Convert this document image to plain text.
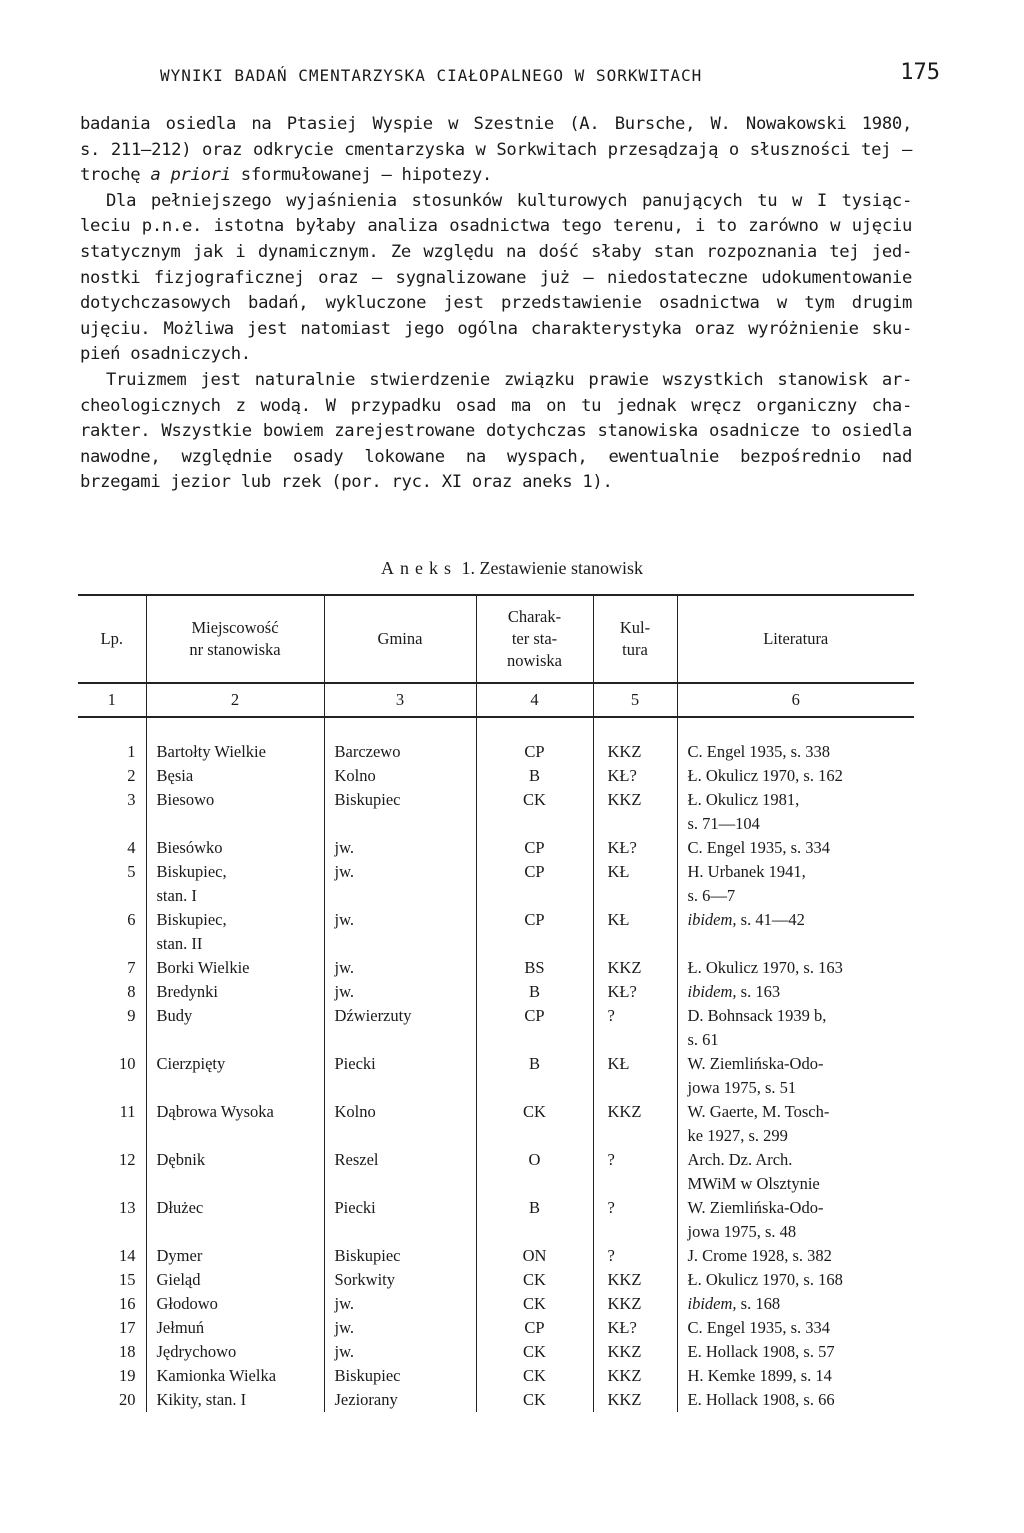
WYNIKI BADAŃ CMENTARZYSKA CIAŁOPALNEGO W SORKWITACH	175
badania osiedla na Ptasiej Wyspie w Szestnie (A. Bursche, W. Nowakowski 1980,
s. 211—212) oraz odkrycie cmentarzyska w Sorkwitach przesądzają o słuszności tej —
trochę a priori sformułowanej — hipotezy.
Dla pełniejszego wyjaśnienia stosunków kulturowych panujących tu w I tysiąc-
leciu p.n.e. istotna byłaby analiza osadnictwa tego terenu, i to zarówno w ujęciu
statycznym jak i dynamicznym. Ze względu na dość słaby stan rozpoznania tej jed-
nostki fizjograficznej oraz — sygnalizowane już — niedostateczne udokumentowanie
dotychczasowych badań, wykluczone jest przedstawienie osadnictwa w tym drugim
ujęciu. Możliwa jest natomiast jego ogólna charakterystyka oraz wyróżnienie sku-
pień osadniczych.
Truizmem jest naturalnie stwierdzenie związku prawie wszystkich stanowisk ar-
cheologicznych z wodą. W przypadku osad ma on tu jednak wręcz organiczny cha-
rakter. Wszystkie bowiem zarejestrowane dotychczas stanowiska osadnicze to osiedla
nawodne, względnie osady lokowane na wyspach, ewentualnie bezpośrednio nad
brzegami jezior lub rzek (por. ryc. XI oraz aneks 1).
Aneks 1. Zestawienie stanowisk
Lp.	Miejscowość
nr stanowiska	Gmina	Charak-
ter sta-
nowiska	Kul-
tura	Literatura
1	2	3	4	5	6

1	Bartołty Wielkie	Barczewo	CP	KKZ	C. Engel 1935, s. 338
2	Bęsia	Kolno	B	KŁ?	Ł. Okulicz 1970, s. 162
3	Biesowo	Biskupiec	CK	KKZ	Ł. Okulicz 1981,
s. 71—104
4	Biesówko	jw.	CP	KŁ?	C. Engel 1935, s. 334
5	Biskupiec,
stan. I	jw.	CP	KŁ	H. Urbanek 1941,
s. 6—7
6	Biskupiec,
stan. II	jw.	CP	KŁ	ibidem, s. 41—42
7	Borki Wielkie	jw.	BS	KKZ	Ł. Okulicz 1970, s. 163
8	Bredynki	jw.	B	KŁ?	ibidem, s. 163
9	Budy	Dźwierzuty	CP	?	D. Bohnsack 1939 b,
s. 61
10	Cierzpięty	Piecki	B	KŁ	W. Ziemlińska-Odo-
jowa 1975, s. 51
11	Dąbrowa Wysoka	Kolno	CK	KKZ	W. Gaerte, M. Tosch-
ke 1927, s. 299
12	Dębnik	Reszel	O	?	Arch. Dz. Arch.
MWiM w Olsztynie
13	Dłużec	Piecki	B	?	W. Ziemlińska-Odo-
jowa 1975, s. 48
14	Dymer	Biskupiec	ON	?	J. Crome 1928, s. 382
15	Gieląd	Sorkwity	CK	KKZ	Ł. Okulicz 1970, s. 168
16	Głodowo	jw.	CK	KKZ	ibidem, s. 168
17	Jełmuń	jw.	CP	KŁ?	C. Engel 1935, s. 334
18	Jędrychowo	jw.	CK	KKZ	E. Hollack 1908, s. 57
19	Kamionka Wielka	Biskupiec	CK	KKZ	H. Kemke 1899, s. 14
20	Kikity, stan. I	Jeziorany	CK	KKZ	E. Hollack 1908, s. 66
